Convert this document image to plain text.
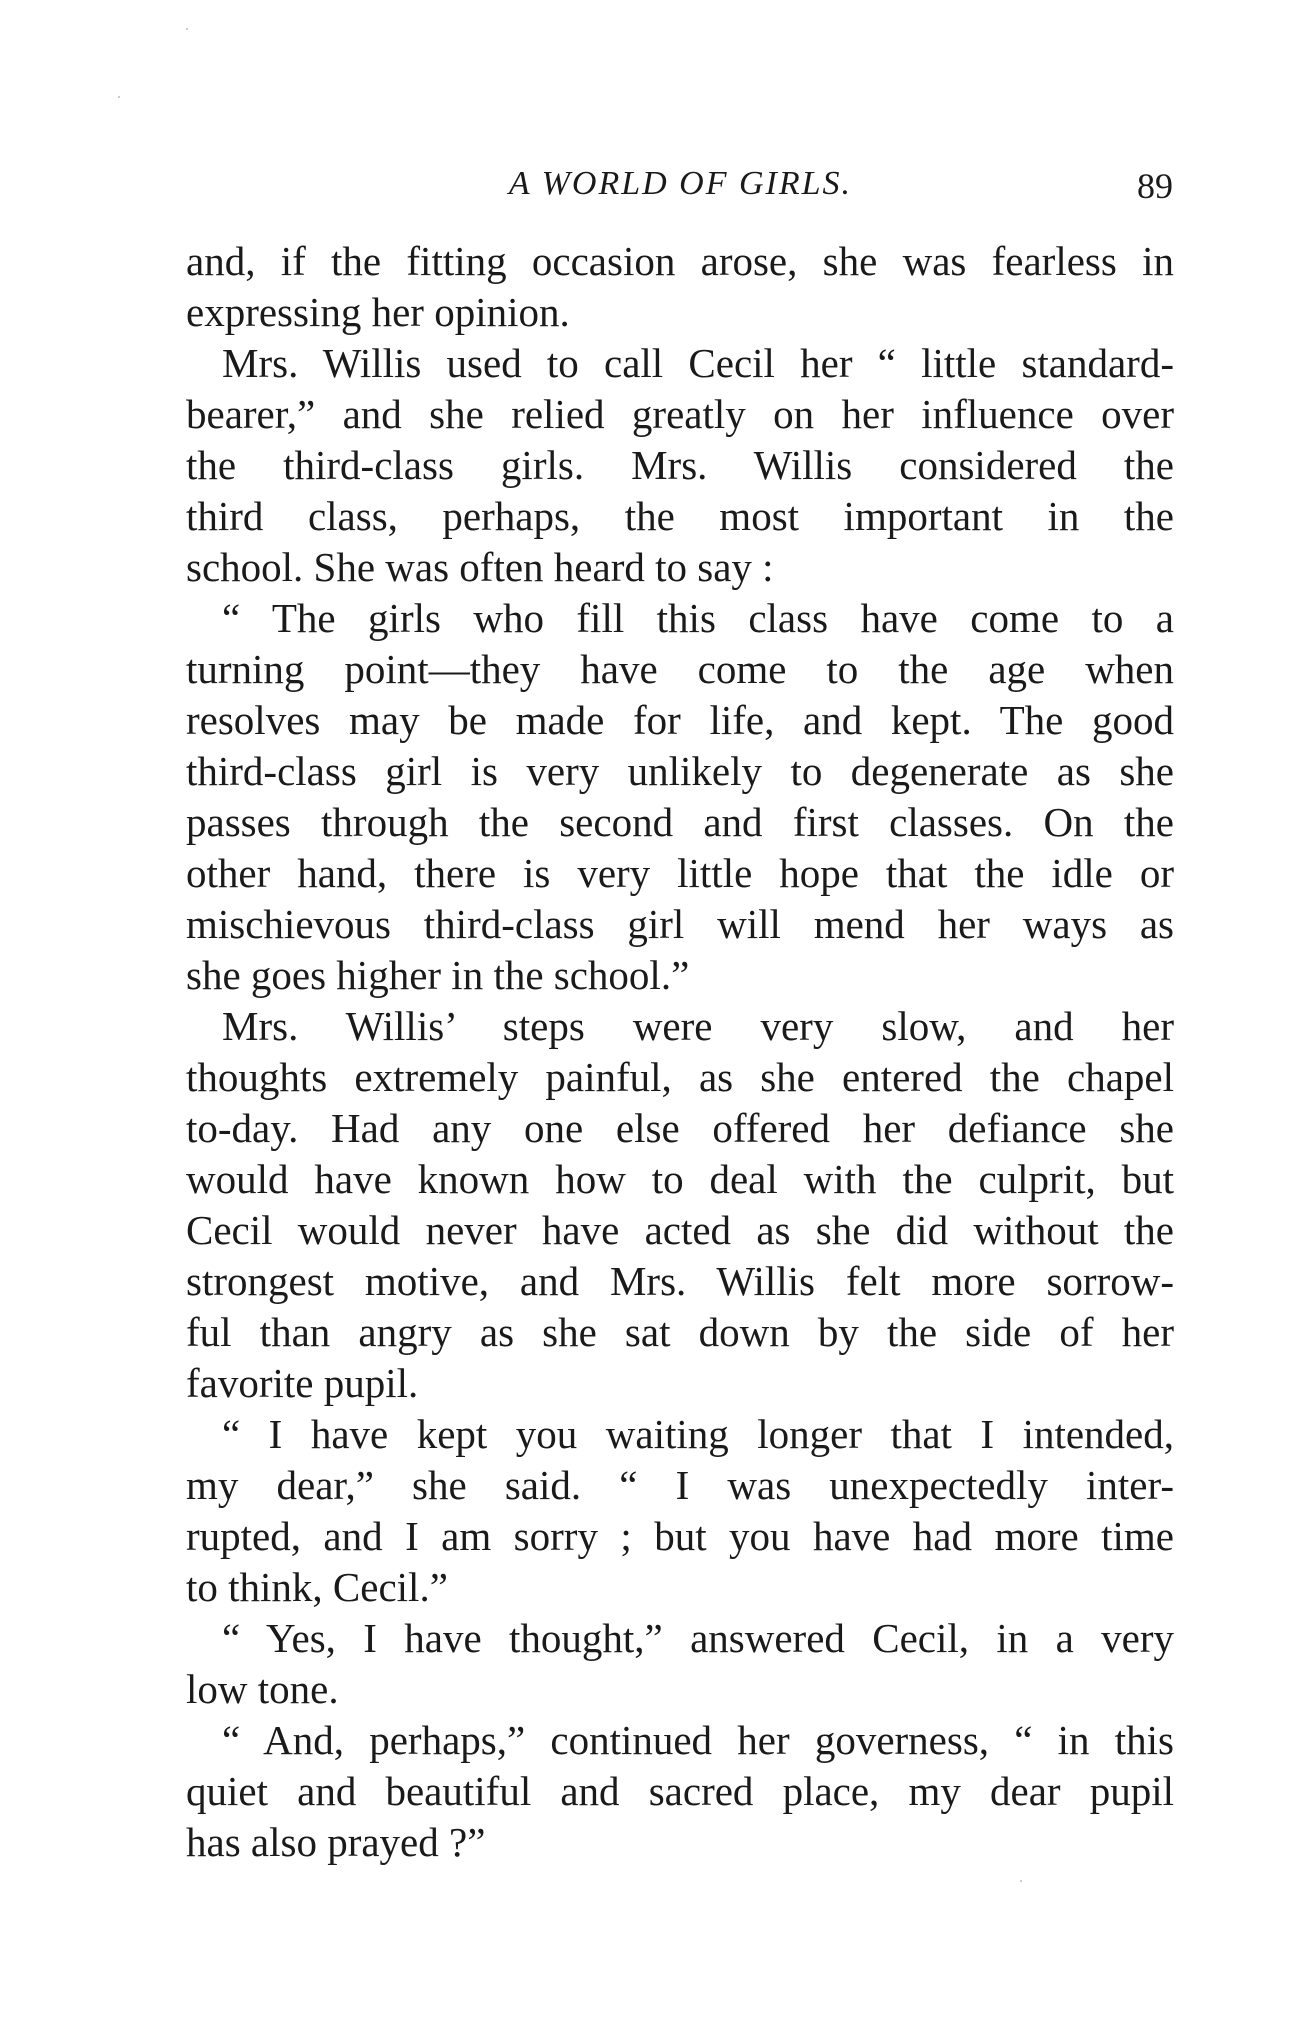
A WORLD OF GIRLS.	89
and, if the fitting occasion arose, she was fearless in
expressing her opinion.
Mrs. Willis used to call Cecil her “ little standard-
bearer,” and she relied greatly on her influence over
the third-class girls. Mrs. Willis considered the
third class, perhaps, the most important in the
school. She was often heard to say :
“ The girls who fill this class have come to a
turning point—they have come to the age when
resolves may be made for life, and kept. The good
third-class girl is very unlikely to degenerate as she
passes through the second and first classes. On the
other hand, there is very little hope that the idle or
mischievous third-class girl will mend her ways as
she goes higher in the school.”
Mrs. Willis’ steps were very slow, and her
thoughts extremely painful, as she entered the chapel
to-day. Had any one else offered her defiance she
would have known how to deal with the culprit, but
Cecil would never have acted as she did without the
strongest motive, and Mrs. Willis felt more sorrow-
ful than angry as she sat down by the side of her
favorite pupil.
“ I have kept you waiting longer that I intended,
my dear,” she said. “ I was unexpectedly inter-
rupted, and I am sorry ; but you have had more time
to think, Cecil.”
“ Yes, I have thought,” answered Cecil, in a very
low tone.
“ And, perhaps,” continued her governess, “ in this
quiet and beautiful and sacred place, my dear pupil
has also prayed ?”
